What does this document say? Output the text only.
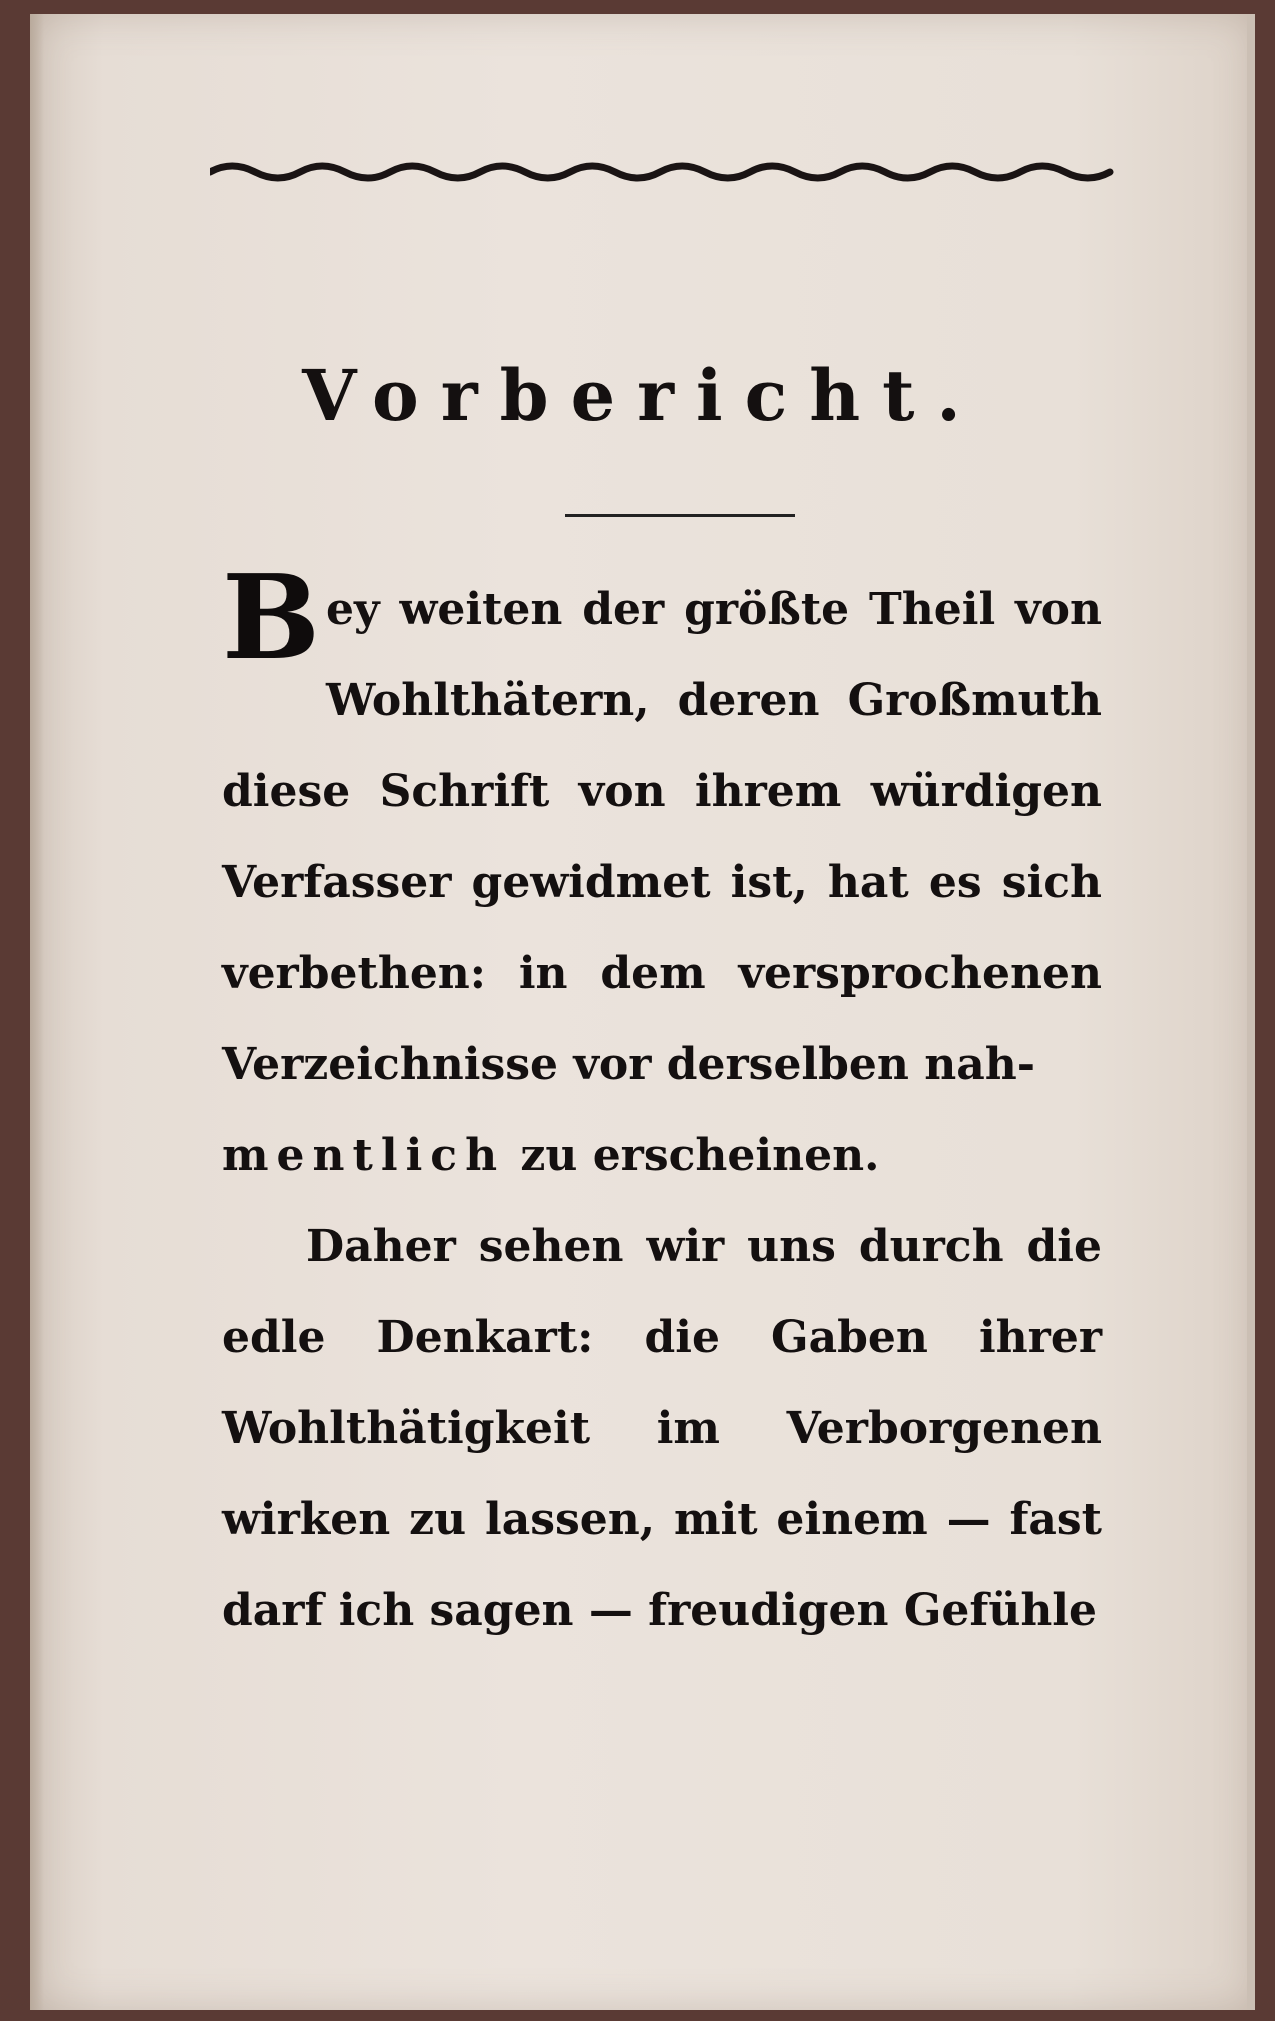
Vorbericht.

Bey weiten der größte Theil von Wohlthätern, deren Großmuth diese Schrift von ihrem würdigen Verfasser gewidmet ist, hat es sich verbethen: in dem versprochenen Verzeichnisse vor derselben nah-
mentlich zu erscheinen.

Daher sehen wir uns durch die edle Denkart: die Gaben ihrer Wohlthätigkeit im Verborgenen wirken zu lassen, mit einem — fast darf ich sagen — freudigen Gefühle
